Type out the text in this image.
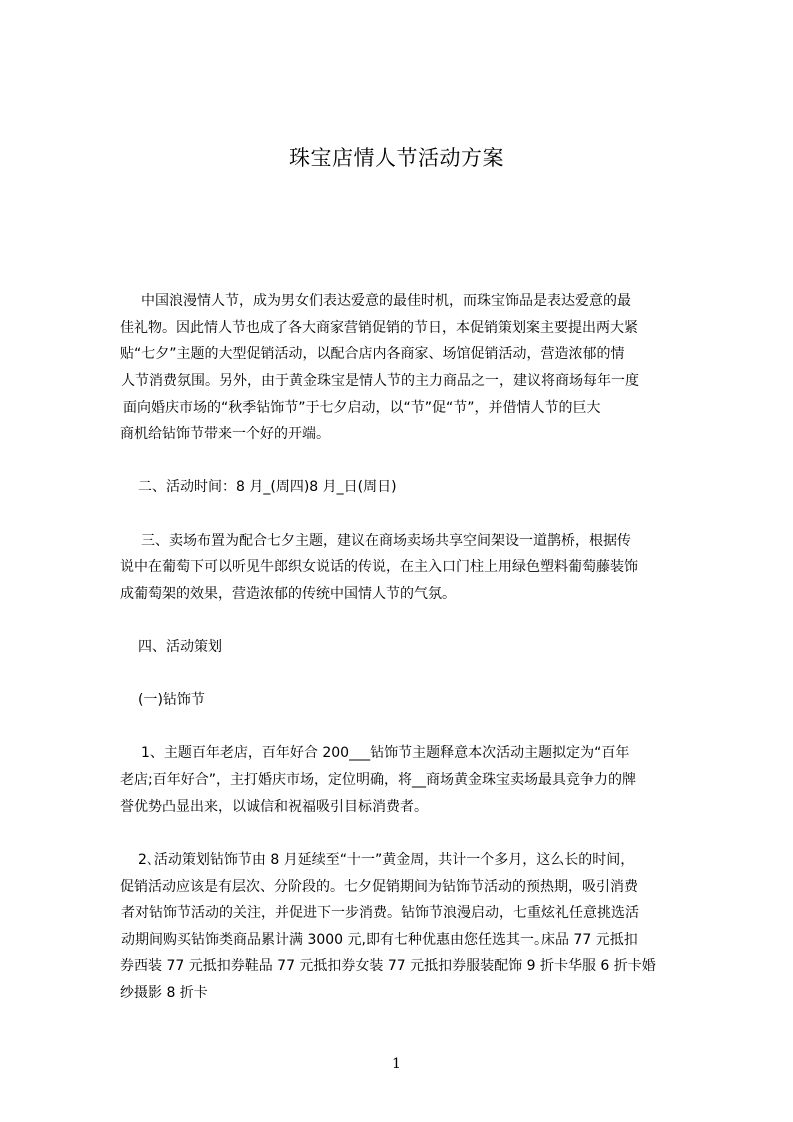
珠宝店情人节活动方案
中国浪漫情人节，成为男女们表达爱意的最佳时机，而珠宝饰品是表达爱意的最
佳礼物。因此情人节也成了各大商家营销促销的节日，本促销策划案主要提出两大紧
贴“七夕”主题的大型促销活动，以配合店内各商家、场馆促销活动，营造浓郁的情
人节消费氛围。另外，由于黄金珠宝是情人节的主力商品之一，建议将商场每年一度
面向婚庆市场的“秋季钻饰节”于七夕启动，以“节”促“节”，并借情人节的巨大
商机给钻饰节带来一个好的开端。
二、活动时间：8 月_(周四)8 月_日(周日)
三、卖场布置为配合七夕主题，建议在商场卖场共享空间架设一道鹊桥，根据传
说中在葡萄下可以听见牛郎织女说话的传说，在主入口门柱上用绿色塑料葡萄藤装饰
成葡萄架的效果，营造浓郁的传统中国情人节的气氛。
四、活动策划
(一)钻饰节
1、主题百年老店，百年好合 200___钻饰节主题释意本次活动主题拟定为“百年
老店;百年好合”，主打婚庆市场，定位明确，将__商场黄金珠宝卖场最具竞争力的牌
誉优势凸显出来，以诚信和祝福吸引目标消费者。
2､活动策划钻饰节由 8 月延续至“十一”黄金周，共计一个多月，这么长的时间，
促销活动应该是有层次、分阶段的。七夕促销期间为钻饰节活动的预热期，吸引消费
者对钻饰节活动的关注，并促进下一步消费。钻饰节浪漫启动，七重炫礼任意挑选活
动期间购买钻饰类商品累计满 3000 元,即有七种优惠由您任选其一｡床品 77 元抵扣
券西装 77 元抵扣券鞋品 77 元抵扣券女装 77 元抵扣券服装配饰 9 折卡华服 6 折卡婚
纱摄影 8 折卡
1
